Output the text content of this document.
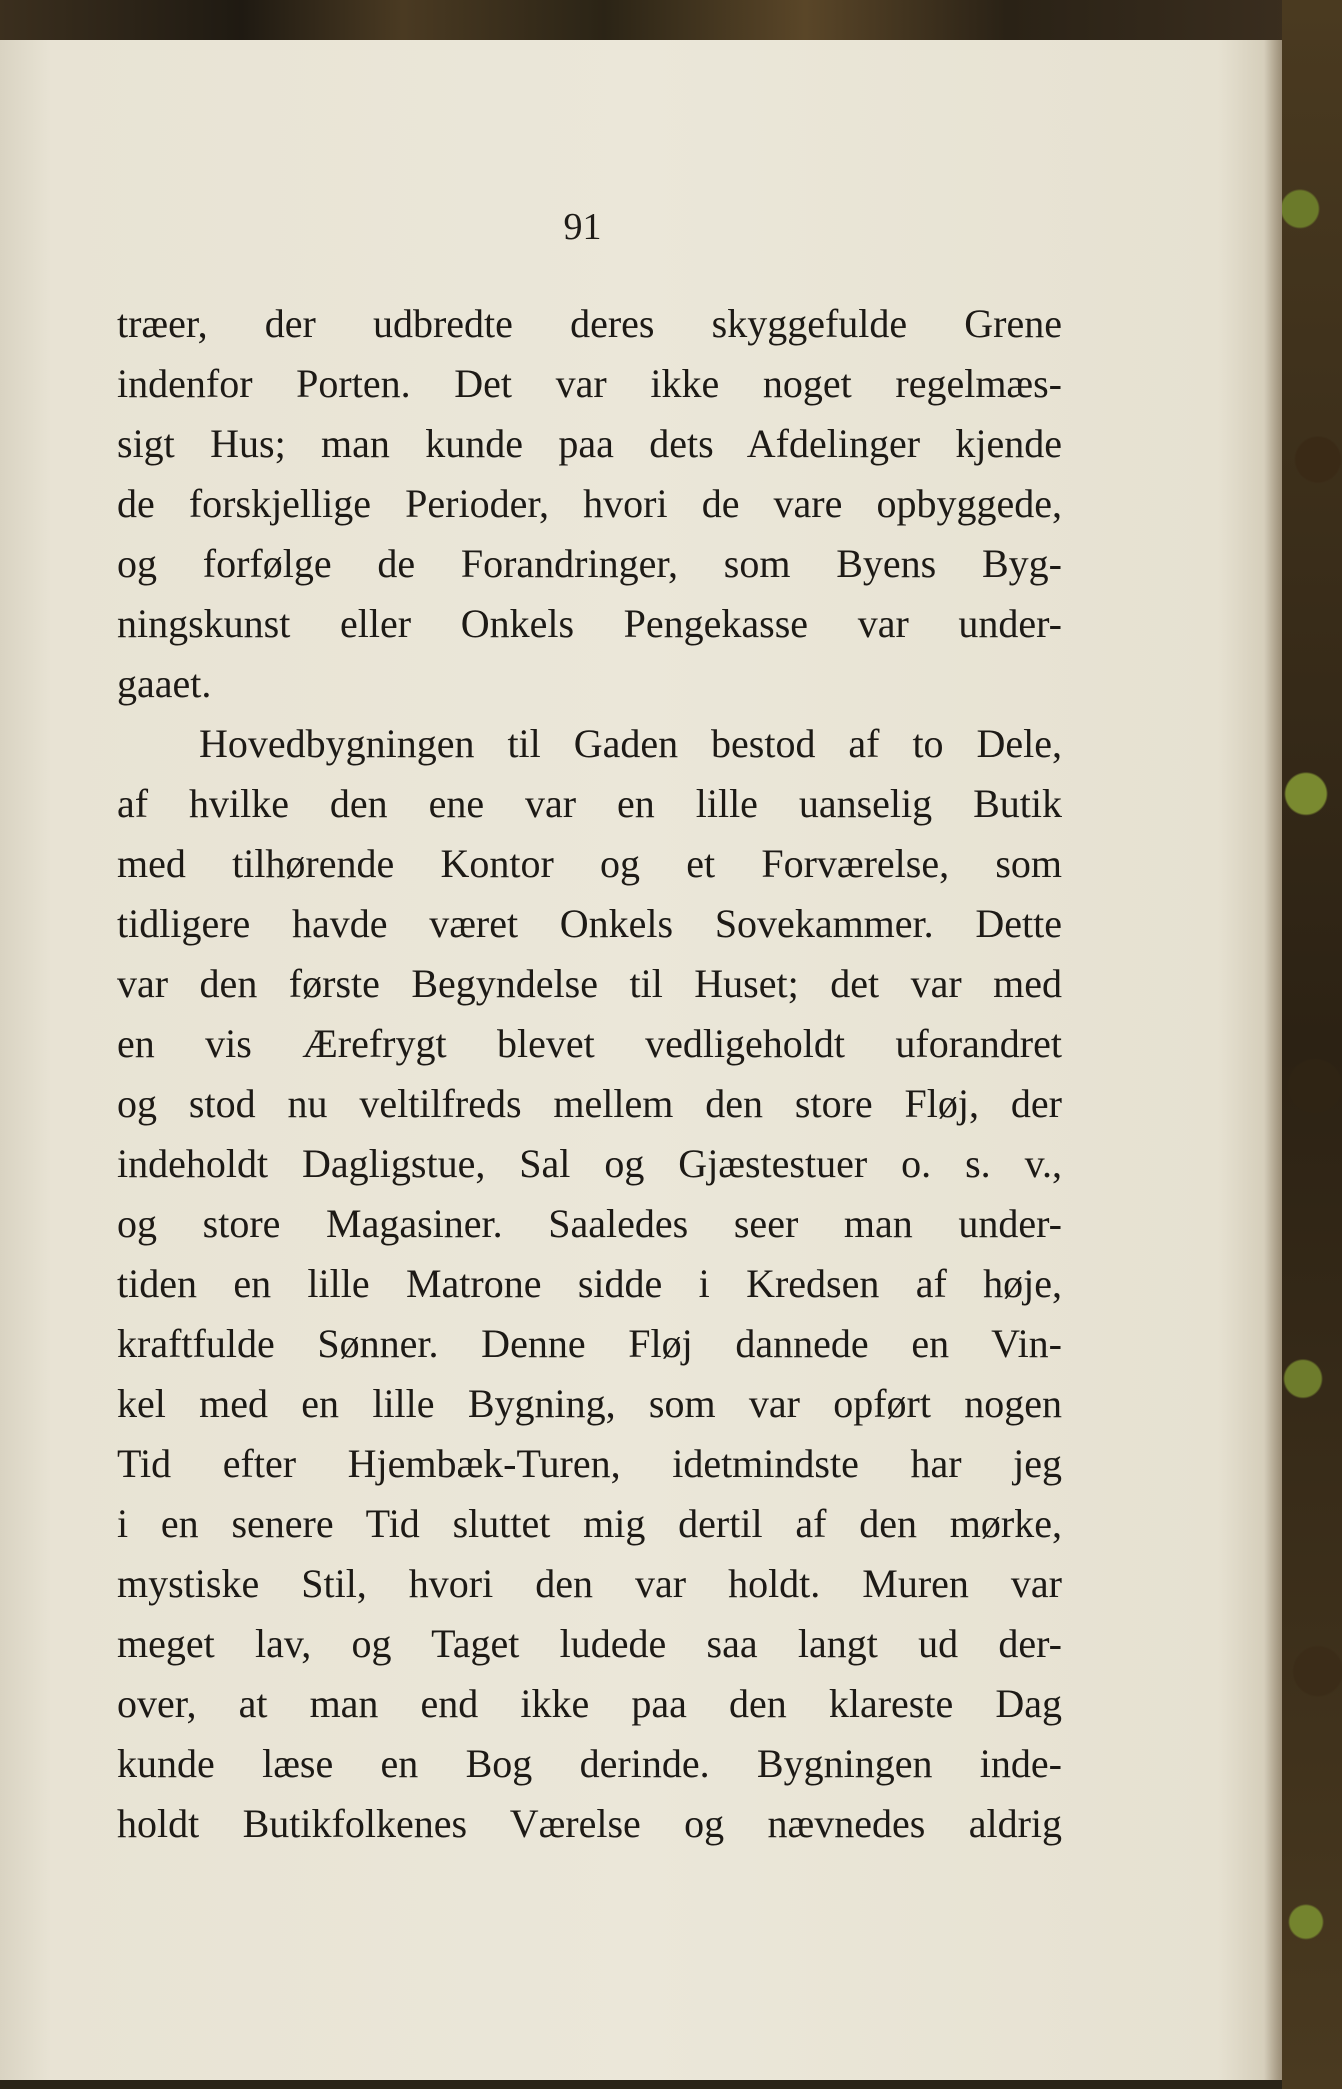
91
træer, der udbredte deres skyggefulde Grene
indenfor Porten. Det var ikke noget regelmæs-
sigt Hus; man kunde paa dets Afdelinger kjende
de forskjellige Perioder, hvori de vare opbyggede,
og forfølge de Forandringer, som Byens Byg-
ningskunst eller Onkels Pengekasse var under-
gaaet.
Hovedbygningen til Gaden bestod af to Dele,
af hvilke den ene var en lille uanselig Butik
med tilhørende Kontor og et Forværelse, som
tidligere havde været Onkels Sovekammer. Dette
var den første Begyndelse til Huset; det var med
en vis Ærefrygt blevet vedligeholdt uforandret
og stod nu veltilfreds mellem den store Fløj, der
indeholdt Dagligstue, Sal og Gjæstestuer o. s. v.,
og store Magasiner. Saaledes seer man under-
tiden en lille Matrone sidde i Kredsen af høje,
kraftfulde Sønner. Denne Fløj dannede en Vin-
kel med en lille Bygning, som var opført nogen
Tid efter Hjembæk-Turen, idetmindste har jeg
i en senere Tid sluttet mig dertil af den mørke,
mystiske Stil, hvori den var holdt. Muren var
meget lav, og Taget ludede saa langt ud der-
over, at man end ikke paa den klareste Dag
kunde læse en Bog derinde. Bygningen inde-
holdt Butikfolkenes Værelse og nævnedes aldrig
